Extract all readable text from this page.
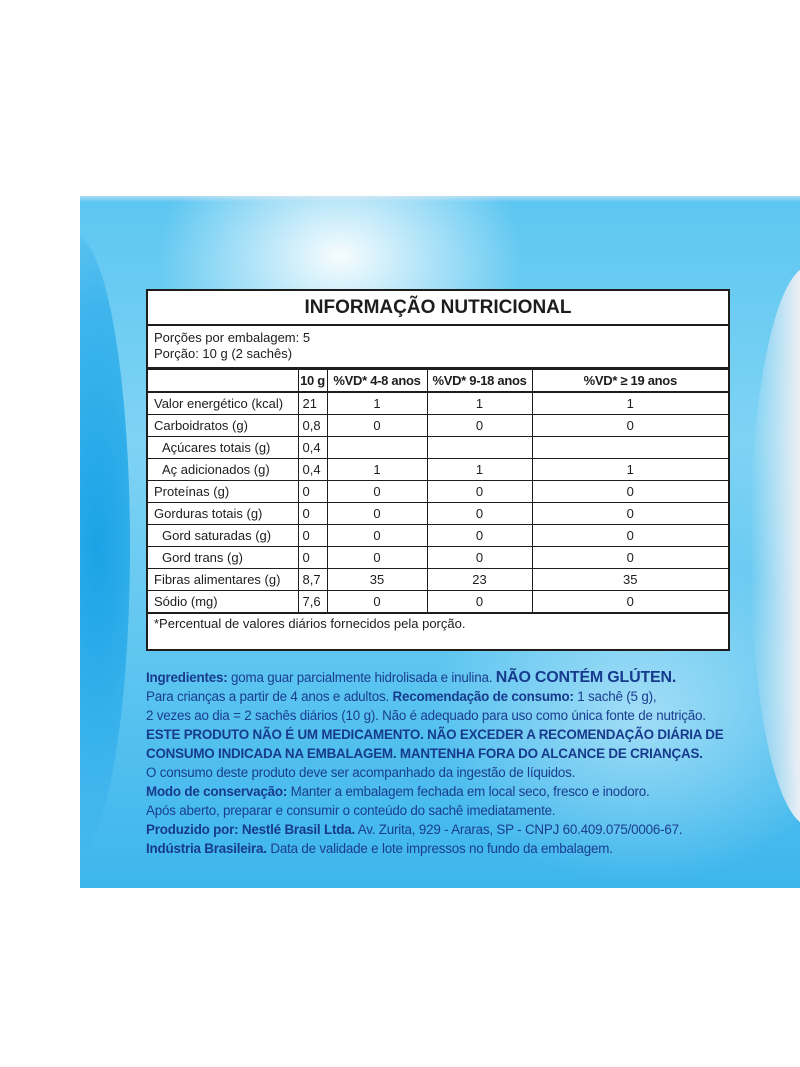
INFORMAÇÃO NUTRICIONAL
Porções por embalagem: 5
Porção: 10 g (2 sachês)
	10 g	%VD* 4-8 anos	%VD* 9-18 anos	%VD* ≥ 19 anos
Valor energético (kcal)	21	1	1	1
Carboidratos (g)	0,8	0	0	0
Açúcares totais (g)	0,4			
Aç adicionados (g)	0,4	1	1	1
Proteínas (g)	0	0	0	0
Gorduras totais (g)	0	0	0	0
Gord saturadas (g)	0	0	0	0
Gord trans (g)	0	0	0	0
Fibras alimentares (g)	8,7	35	23	35
Sódio (mg)	7,6	0	0	0
*Percentual de valores diários fornecidos pela porção.
Ingredientes: goma guar parcialmente hidrolisada e inulina. NÃO CONTÉM GLÚTEN.
Para crianças a partir de 4 anos e adultos. Recomendação de consumo: 1 sachê (5 g),
2 vezes ao dia = 2 sachês diários (10 g). Não é adequado para uso como única fonte de nutrição.
ESTE PRODUTO NÃO É UM MEDICAMENTO. NÃO EXCEDER A RECOMENDAÇÃO DIÁRIA DE
CONSUMO INDICADA NA EMBALAGEM. MANTENHA FORA DO ALCANCE DE CRIANÇAS.
O consumo deste produto deve ser acompanhado da ingestão de líquidos.
Modo de conservação: Manter a embalagem fechada em local seco, fresco e inodoro.
Após aberto, preparar e consumir o conteúdo do sachê imediatamente.
Produzido por: Nestlé Brasil Ltda. Av. Zurita, 929 - Araras, SP - CNPJ 60.409.075/0006-67.
Indústria Brasileira. Data de validade e lote impressos no fundo da embalagem.
